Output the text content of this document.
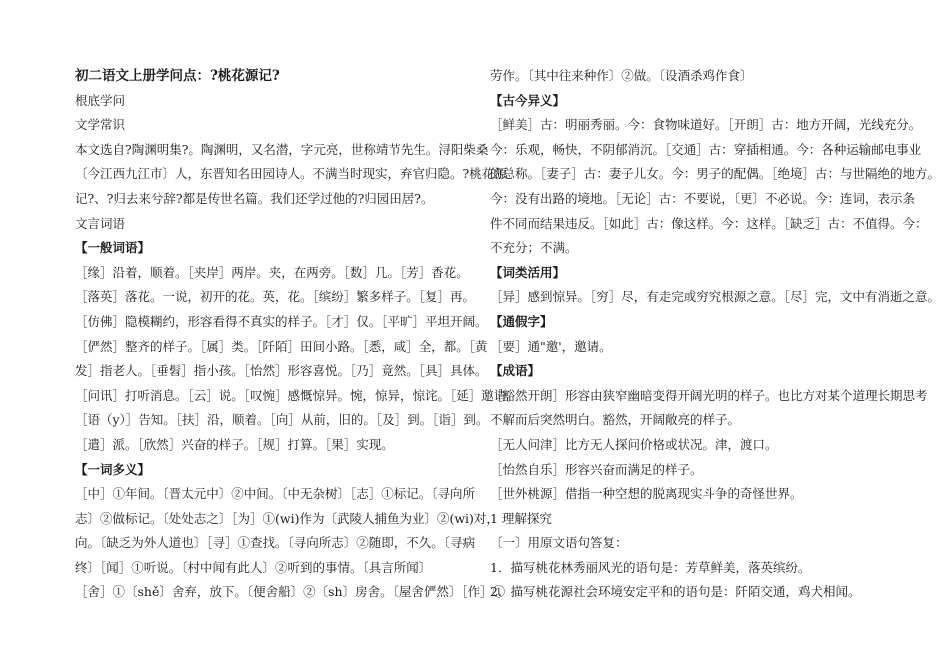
初二语文上册学问点：?桃花源记?

根底学问

文学常识

本文选自?陶渊明集?。陶渊明，又名潜，字元亮，世称靖节先生。浔阳柴桑

〔今江西九江市〕人，东晋知名田园诗人。不满当时现实，弃官归隐。?桃花源

记?、?归去来兮辞?都是传世名篇。我们还学过他的?归园田居?。

文言词语

【一般词语】

［缘］沿着，顺着。［夹岸］两岸。夹，在两旁。［数］几。［芳］香花。

［落英］落花。一说，初开的花。英，花。［缤纷］繁多样子。［复］再。

［仿佛］隐模糊约，形容看得不真实的样子。［才］仅。［平旷］平坦开阔。

［俨然］整齐的样子。［属］类。［阡陌］田间小路。［悉，咸］全，都。［黄

发］指老人。［垂髫］指小孩。［怡然］形容喜悦。［乃］竟然。［具］具体。

［问讯］打听消息。［云］说。［叹惋］感慨惊异。惋，惊异，惊诧。［延］邀请。

［语（y）］告知。［扶］沿，顺着。［向］从前，旧的。［及］到。［诣］到。

［遣］派。［欣然］兴奋的样子。［规］打算。［果］实现。

【一词多义】

［中］①年间。〔晋太元中〕②中间。〔中无杂树〕［志］①标记。〔寻向所

志〕②做标记。〔处处志之〕［为］①(wi)作为〔武陵人捕鱼为业〕②(wi)对，

向。〔缺乏为外人道也〕［寻］①查找。〔寻向所志〕②随即，不久。〔寻病

终〕［闻］①听说。〔村中闻有此人〕②听到的事情。〔具言所闻〕

［舍］①〔shě〕舍弃，放下。〔便舍船〕②〔sh〕房舍。〔屋舍俨然〕［作］①

劳作。〔其中往来种作〕②做。〔设酒杀鸡作食〕

【古今异义】

［鲜美］古：明丽秀丽。今：食物味道好。［开朗］古：地方开阔，光线充分。

今：乐观，畅快，不阴郁消沉。［交通］古：穿插相通。今：各种运输邮电事业

的总称。［妻子］古：妻子儿女。今：男子的配偶。［绝境］古：与世隔绝的地方。

今：没有出路的境地。［无论］古：不要说，〔更〕不必说。今：连词，表示条

件不同而结果违反。［如此］古：像这样。今：这样。［缺乏］古：不值得。今：

不充分；不满。

【词类活用】

［异］感到惊异。［穷］尽，有走完或穷究根源之意。［尽］完，文中有消逝之意。

【通假字】

［要］通"邀'，邀请。

【成语】

［豁然开朗］形容由狭窄幽暗变得开阔光明的样子。也比方对某个道理长期思考

不解而后突然明白。豁然，开阔敞亮的样子。

［无人问津］比方无人探问价格或状况。津，渡口。

［怡然自乐］形容兴奋而满足的样子。

［世外桃源］借指一种空想的脱离现实斗争的奇怪世界。

1 理解探究

〔一〕用原文语句答复：

1．描写桃花林秀丽风光的语句是：芳草鲜美，落英缤纷。

2．描写桃花源社会环境安定平和的语句是：阡陌交通，鸡犬相闻。
